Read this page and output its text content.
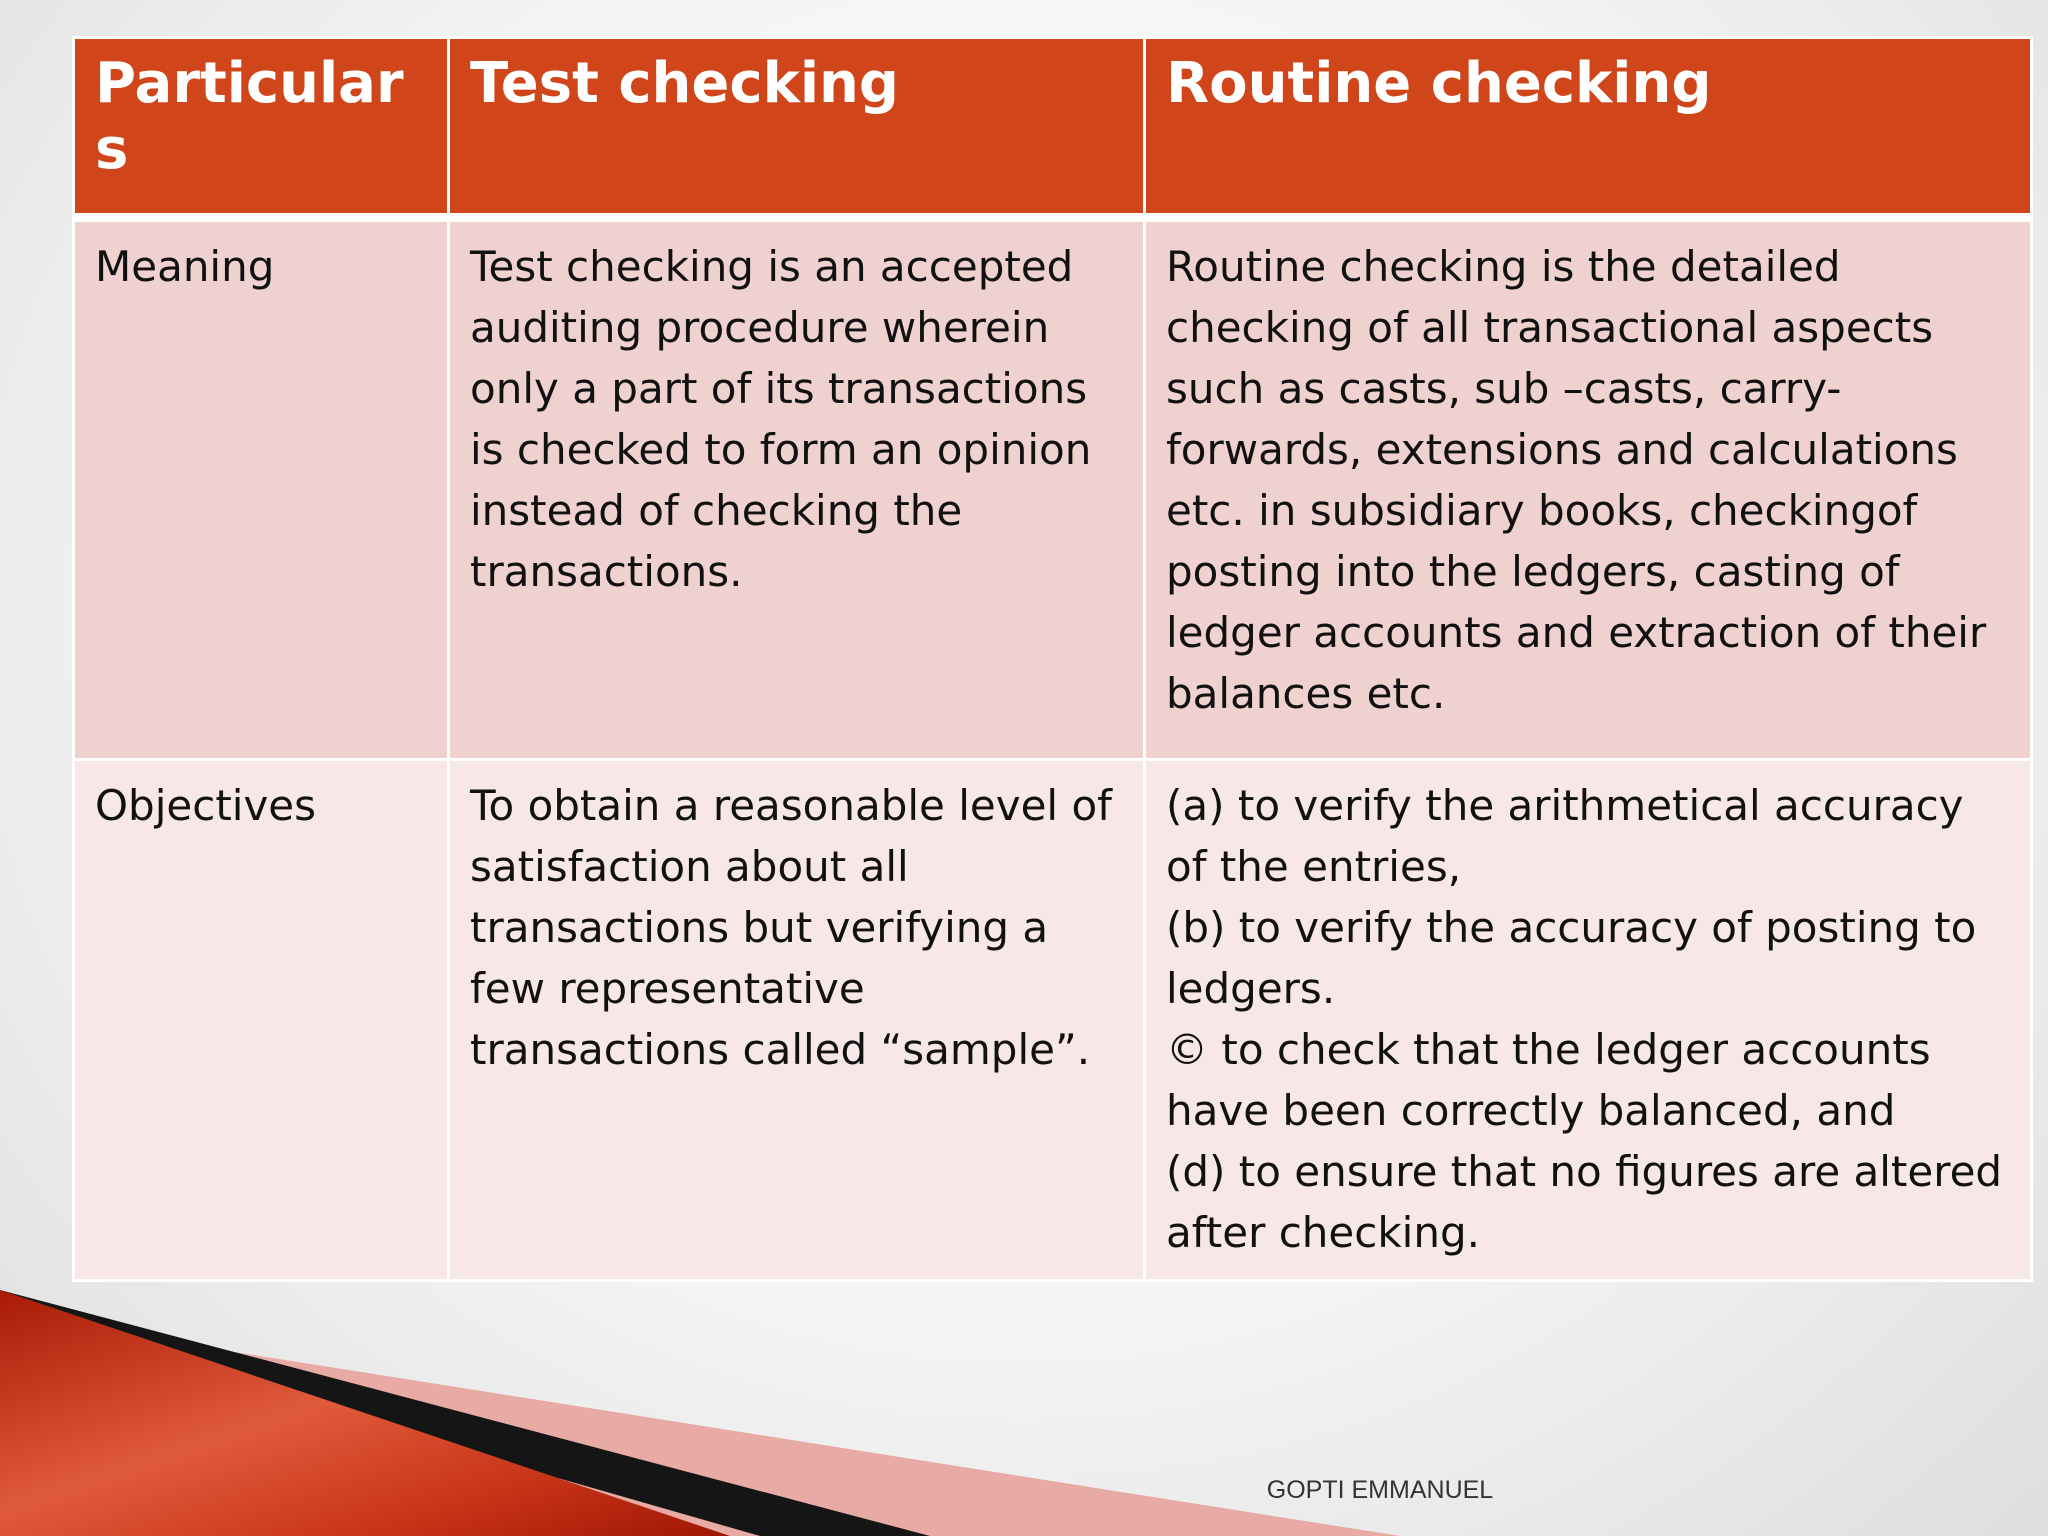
Particulars	Test checking	Routine checking

Meaning	Test checking is an accepted auditing procedure wherein only a part of its transactions is checked to form an opinion instead of checking the transactions.	Routine checking is the detailed checking of all transactional aspects such as casts, sub –casts, carry-forwards, extensions and calculations etc. in subsidiary books, checkingof posting into the ledgers, casting of ledger accounts and extraction of their balances etc.

Objectives	To obtain a reasonable level of satisfaction about all transactions but verifying a few representative transactions called “sample”.	(a) to verify the arithmetical accuracy of the entries,
(b) to verify the accuracy of posting to ledgers.
© to check that the ledger accounts have been correctly balanced, and
(d) to ensure that no figures are altered after checking.
GOPTI EMMANUEL
